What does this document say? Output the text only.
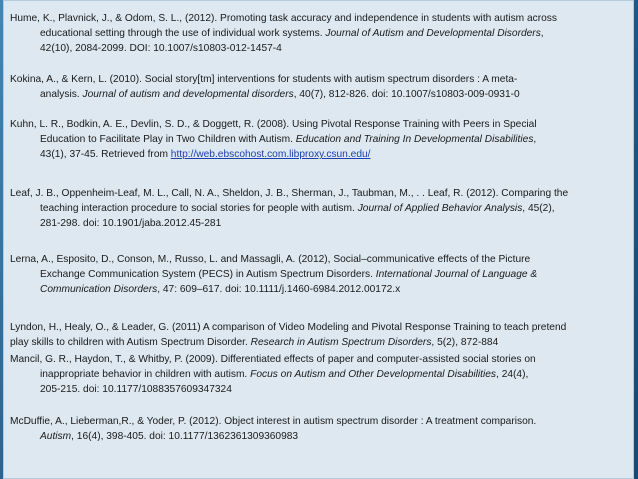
Hume, K., Plavnick, J., & Odom, S. L., (2012). Promoting task accuracy and independence in students with autism across
educational setting through the use of individual work systems. Journal of Autism and Developmental Disorders,
42(10), 2084-2099. DOI: 10.1007/s10803-012-1457-4
Kokina, A., & Kern, L. (2010). Social story[tm] interventions for students with autism spectrum disorders : A meta-
analysis. Journal of autism and developmental disorders, 40(7), 812-826. doi: 10.1007/s10803-009-0931-0
Kuhn, L. R., Bodkin, A. E., Devlin, S. D., & Doggett, R. (2008). Using Pivotal Response Training with Peers in Special
Education to Facilitate Play in Two Children with Autism. Education and Training In Developmental Disabilities,
43(1), 37-45. Retrieved from http://web.ebscohost.com.libproxy.csun.edu/
Leaf, J. B., Oppenheim-Leaf, M. L., Call, N. A., Sheldon, J. B., Sherman, J., Taubman, M., . . Leaf, R. (2012). Comparing the
teaching interaction procedure to social stories for people with autism. Journal of Applied Behavior Analysis, 45(2),
281-298. doi: 10.1901/jaba.2012.45-281
Lerna, A., Esposito, D., Conson, M., Russo, L. and Massagli, A. (2012), Social–communicative effects of the Picture
Exchange Communication System (PECS) in Autism Spectrum Disorders. International Journal of Language &
Communication Disorders, 47: 609–617. doi: 10.1111/j.1460-6984.2012.00172.x
Lyndon, H., Healy, O., & Leader, G. (2011) A comparison of Video Modeling and Pivotal Response Training to teach pretend
play skills to children with Autism Spectrum Disorder. Research in Autism Spectrum Disorders, 5(2), 872-884
Mancil, G. R., Haydon, T., & Whitby, P. (2009). Differentiated effects of paper and computer-assisted social stories on
inappropriate behavior in children with autism. Focus on Autism and Other Developmental Disabilities, 24(4),
205-215. doi: 10.1177/1088357609347324
McDuffie, A., Lieberman,R., & Yoder, P. (2012). Object interest in autism spectrum disorder : A treatment comparison.
Autism, 16(4), 398-405. doi: 10.1177/1362361309360983
